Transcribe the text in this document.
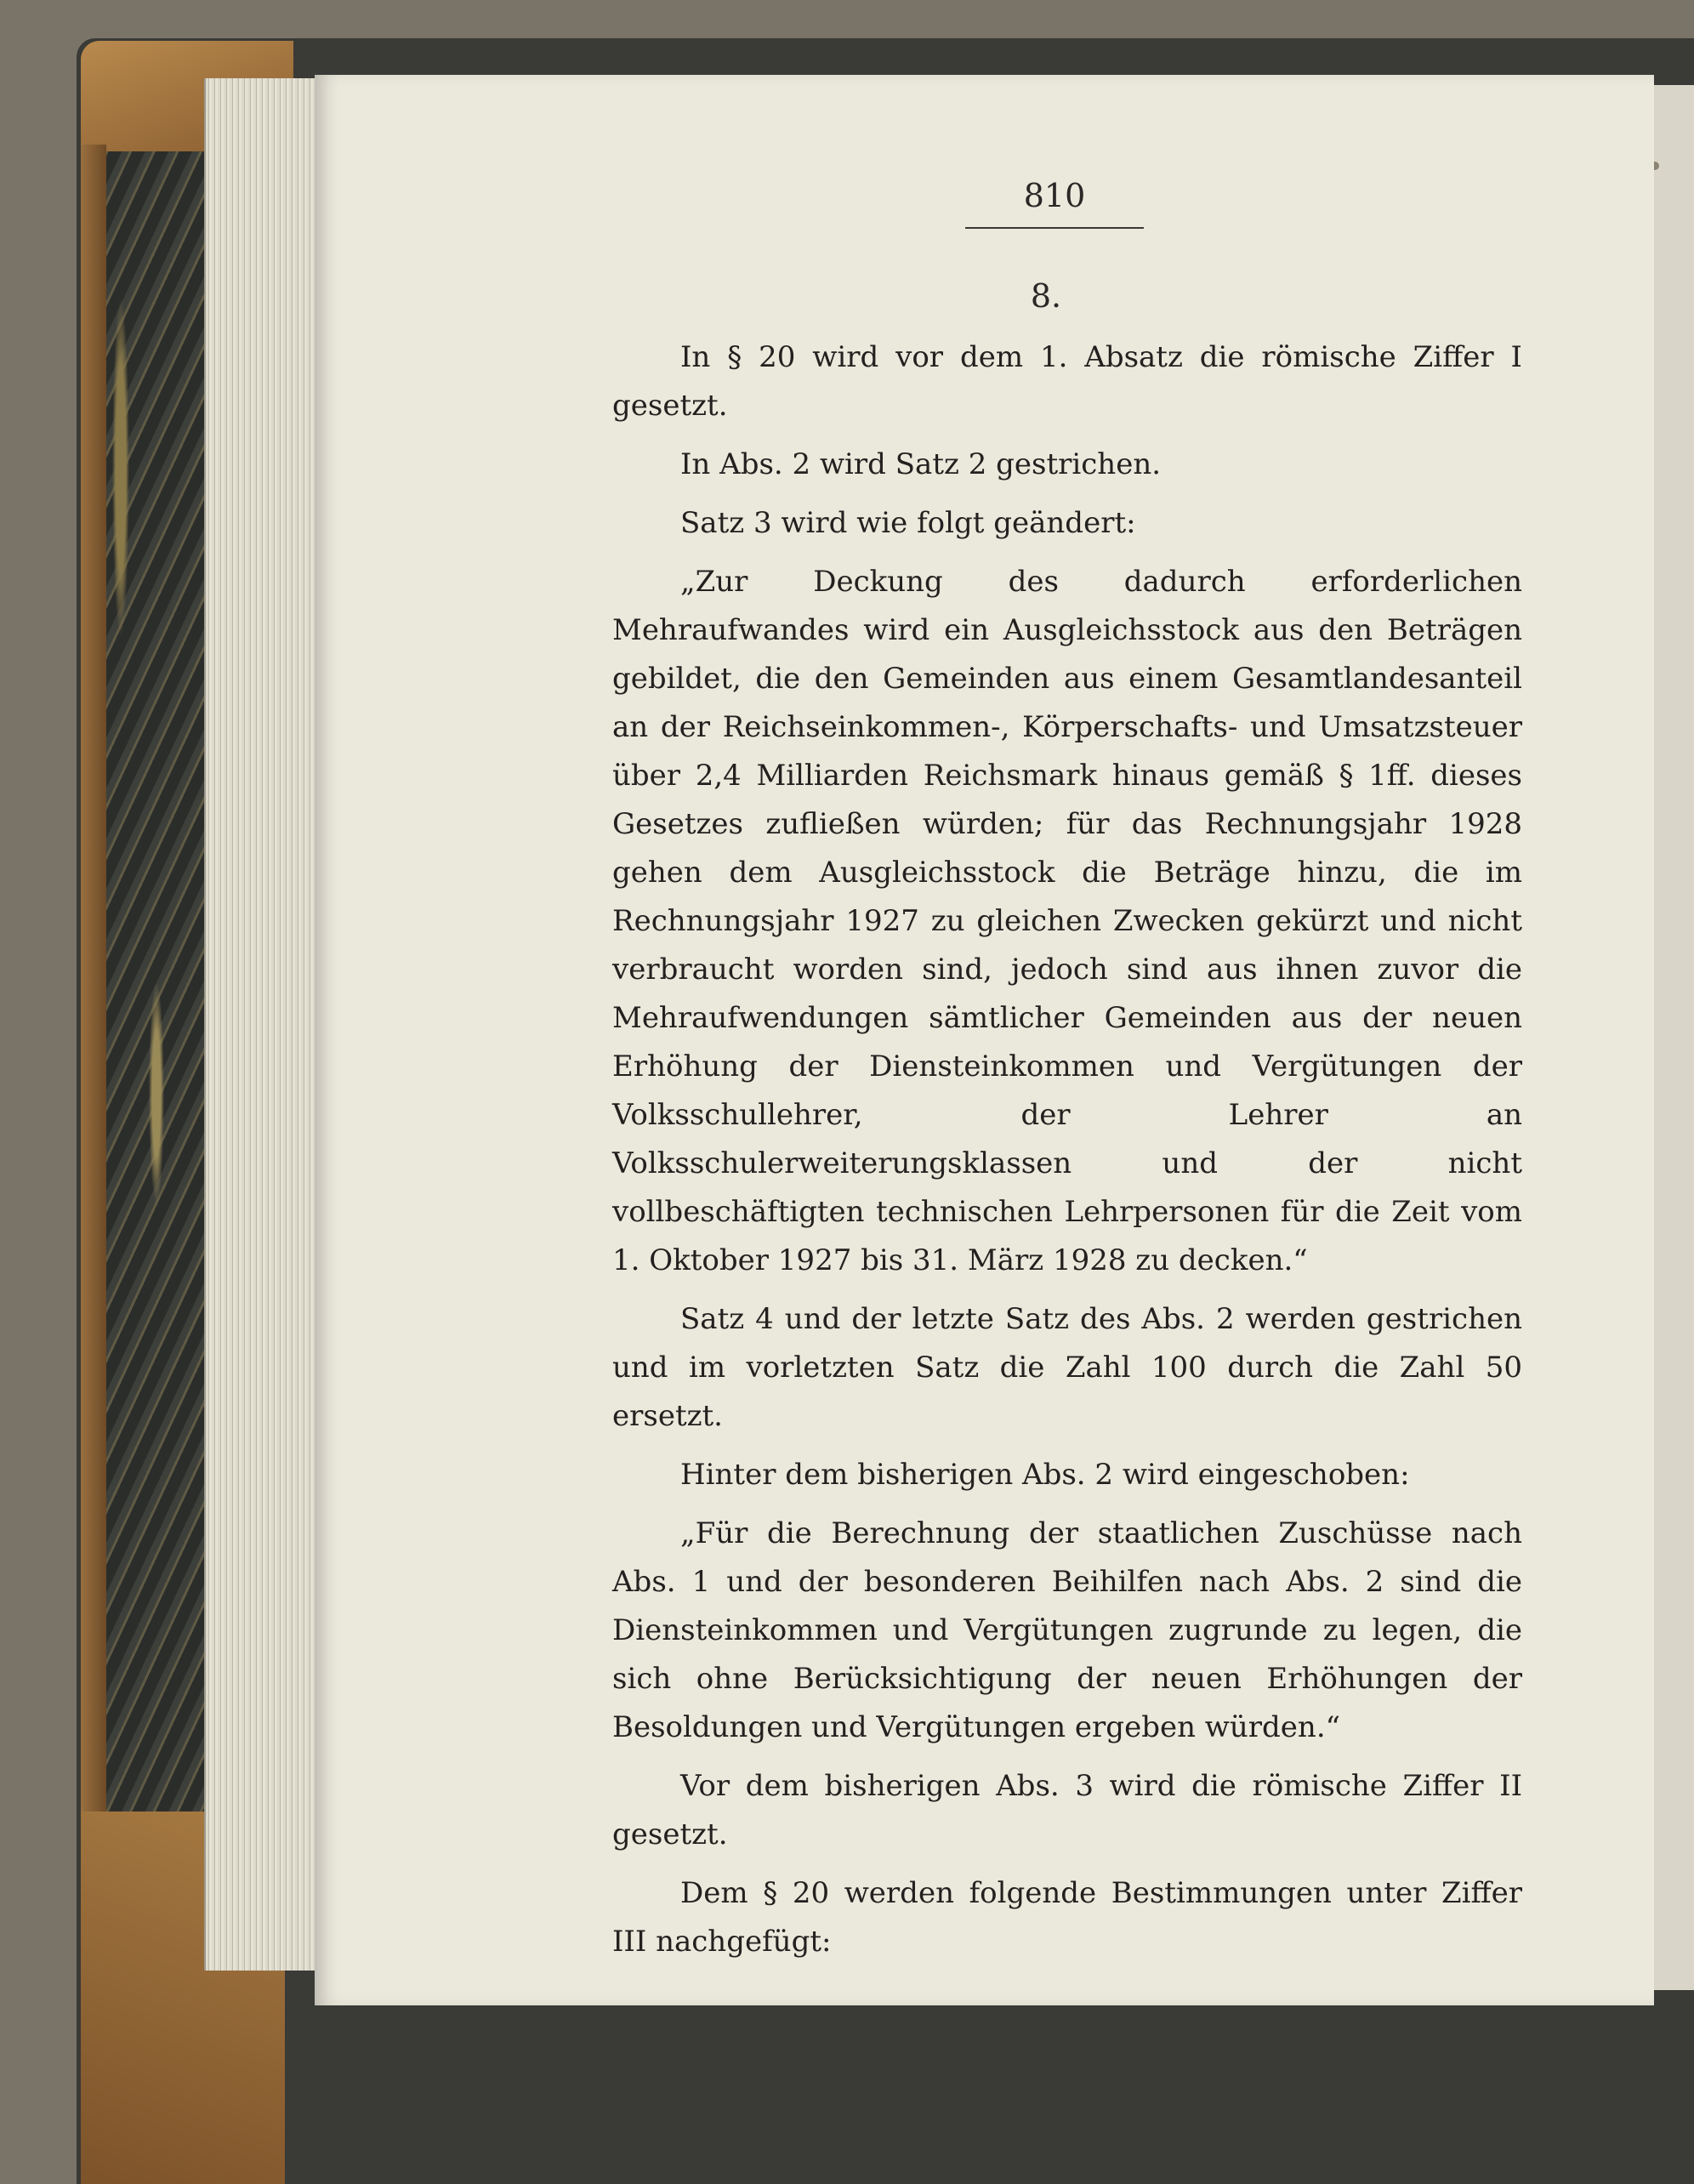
810
8.

In § 20 wird vor dem 1. Absatz die römische Ziffer I gesetzt.

In Abs. 2 wird Satz 2 gestrichen.

Satz 3 wird wie folgt geändert:

„Zur Deckung des dadurch erforderlichen Mehraufwandes wird ein Ausgleichsstock aus den Beträgen gebildet, die den Gemeinden aus einem Gesamtlandesanteil an der Reichseinkommen-, Körperschafts- und Umsatzsteuer über 2,4 Milliarden Reichsmark hinaus gemäß § 1ff. dieses Gesetzes zufließen würden; für das Rechnungsjahr 1928 gehen dem Ausgleichsstock die Beträge hinzu, die im Rechnungsjahr 1927 zu gleichen Zwecken gekürzt und nicht verbraucht worden sind, jedoch sind aus ihnen zuvor die Mehraufwendungen sämtlicher Gemeinden aus der neuen Erhöhung der Diensteinkommen und Vergütungen der Volksschullehrer, der Lehrer an Volksschulerweiterungsklassen und der nicht vollbeschäftigten technischen Lehrpersonen für die Zeit vom 1. Oktober 1927 bis 31. März 1928 zu decken.“

Satz 4 und der letzte Satz des Abs. 2 werden gestrichen und im vorletzten Satz die Zahl 100 durch die Zahl 50 ersetzt.

Hinter dem bisherigen Abs. 2 wird eingeschoben:

„Für die Berechnung der staatlichen Zuschüsse nach Abs. 1 und der besonderen Beihilfen nach Abs. 2 sind die Diensteinkommen und Vergütungen zugrunde zu legen, die sich ohne Berücksichtigung der neuen Erhöhungen der Besoldungen und Vergütungen ergeben würden.“

Vor dem bisherigen Abs. 3 wird die römische Ziffer II gesetzt.

Dem § 20 werden folgende Bestimmungen unter Ziffer III nachgefügt:
